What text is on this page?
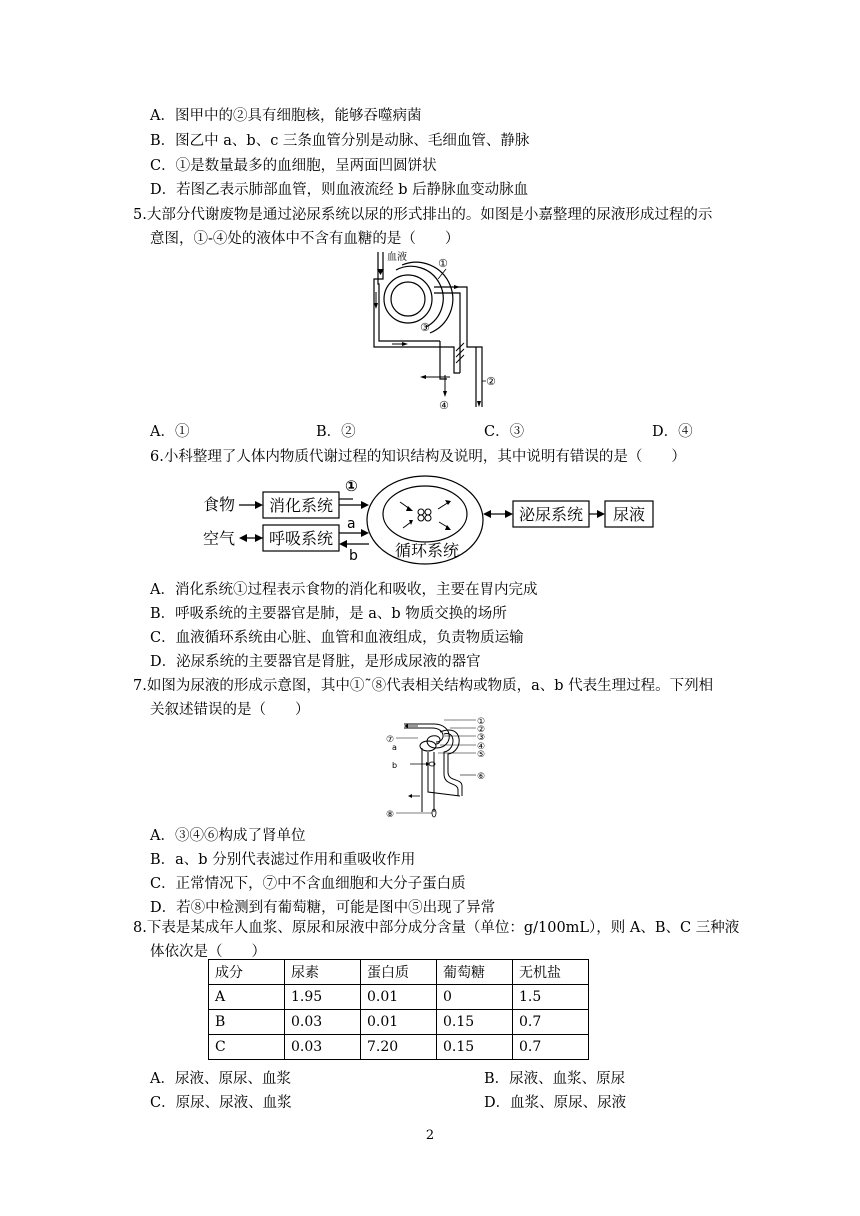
A．图甲中的②具有细胞核，能够吞噬病菌
B．图乙中 a、b、c 三条血管分别是动脉、毛细血管、静脉
C．①是数量最多的血细胞，呈两面凹圆饼状
D．若图乙表示肺部血管，则血液流经 b 后静脉血变动脉血
5.大部分代谢废物是通过泌尿系统以尿的形式排出的。如图是小嘉整理的尿液形成过程的示
意图，①-④处的液体中不含有血糖的是（　　）
血液	①
③
②
④
A．①	B．②	C．③	D．④
6.小科整理了人体内物质代谢过程的知识结构及说明，其中说明有错误的是（　　）
食物 消化系统
①
空气 呼吸系统
a
b 循环系统
泌尿系统 尿液
A．消化系统①过程表示食物的消化和吸收，主要在胃内完成
B．呼吸系统的主要器官是肺，是 a、b 物质交换的场所
C．血液循环系统由心脏、血管和血液组成，负责物质运输
D．泌尿系统的主要器官是肾脏，是形成尿液的器官
7.如图为尿液的形成示意图，其中①˜⑧代表相关结构或物质，a、b 代表生理过程。下列相
关叙述错误的是（　　）
①
②
③
④
⑤
⑥
⑦
a
b
⑧
A．③④⑥构成了肾单位
B．a、b 分别代表滤过作用和重吸收作用
C．正常情况下，⑦中不含血细胞和大分子蛋白质
D．若⑧中检测到有葡萄糖，可能是图中⑤出现了异常
8.下表是某成年人血浆、原尿和尿液中部分成分含量（单位：g/100mL），则 A、B、C 三种液
体依次是（　　）
成分	尿素	蛋白质	葡萄糖	无机盐
A	1.95	0.01	0	1.5
B	0.03	0.01	0.15	0.7
C	0.03	7.20	0.15	0.7
A．尿液、原尿、血浆	B．尿液、血浆、原尿
C．原尿、尿液、血浆	D．血浆、原尿、尿液
2
